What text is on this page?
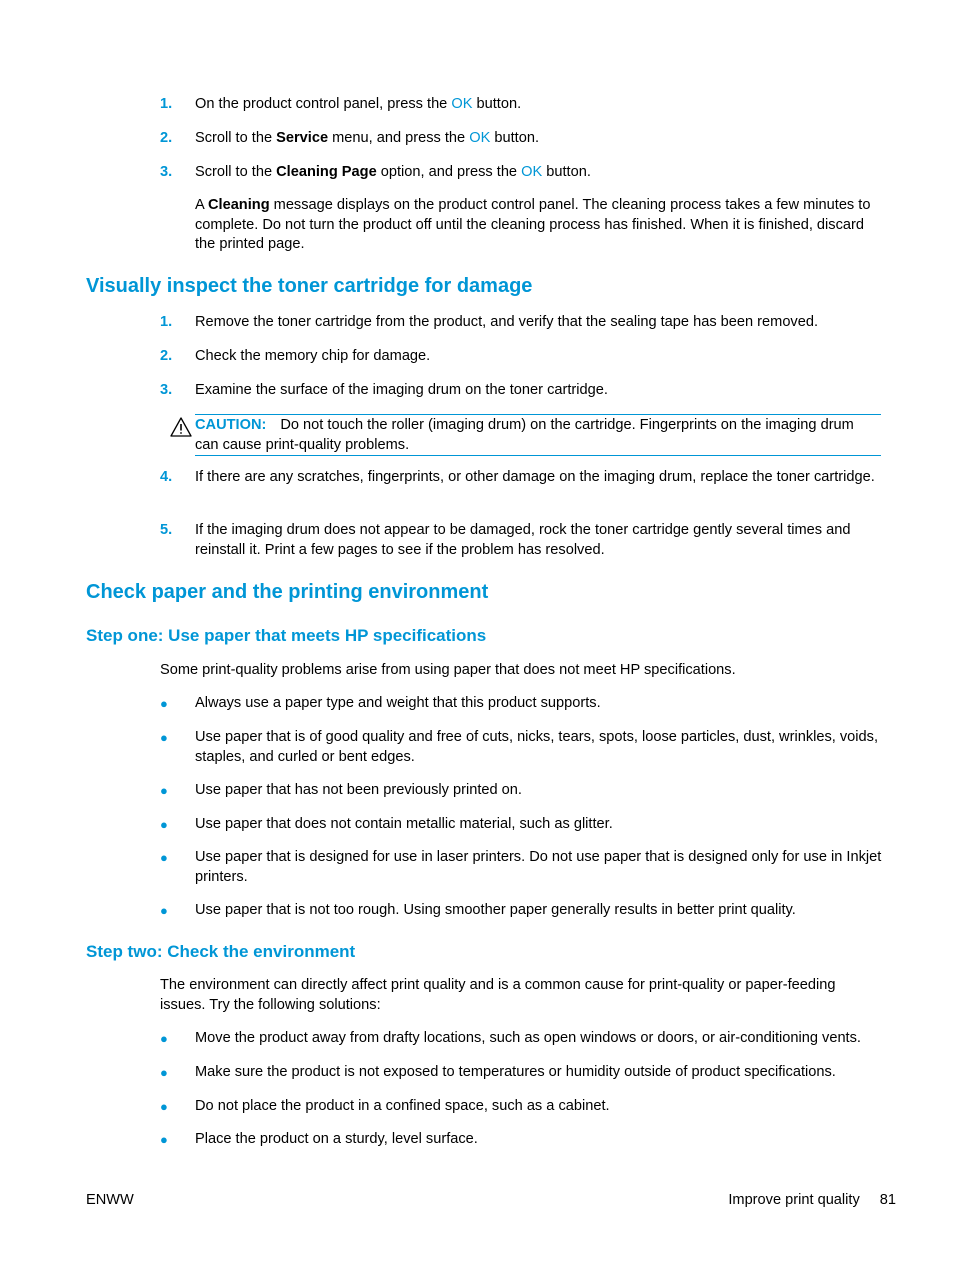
1. On the product control panel, press the OK button.
2. Scroll to the Service menu, and press the OK button.
3. Scroll to the Cleaning Page option, and press the OK button.
A Cleaning message displays on the product control panel. The cleaning process takes a few minutes to complete. Do not turn the product off until the cleaning process has finished. When it is finished, discard the printed page.
Visually inspect the toner cartridge for damage
1. Remove the toner cartridge from the product, and verify that the sealing tape has been removed.
2. Check the memory chip for damage.
3. Examine the surface of the imaging drum on the toner cartridge.
CAUTION: Do not touch the roller (imaging drum) on the cartridge. Fingerprints on the imaging drum can cause print-quality problems.
4. If there are any scratches, fingerprints, or other damage on the imaging drum, replace the toner cartridge.
5. If the imaging drum does not appear to be damaged, rock the toner cartridge gently several times and reinstall it. Print a few pages to see if the problem has resolved.
Check paper and the printing environment
Step one: Use paper that meets HP specifications
Some print-quality problems arise from using paper that does not meet HP specifications.
● Always use a paper type and weight that this product supports.
● Use paper that is of good quality and free of cuts, nicks, tears, spots, loose particles, dust, wrinkles, voids, staples, and curled or bent edges.
● Use paper that has not been previously printed on.
● Use paper that does not contain metallic material, such as glitter.
● Use paper that is designed for use in laser printers. Do not use paper that is designed only for use in Inkjet printers.
● Use paper that is not too rough. Using smoother paper generally results in better print quality.
Step two: Check the environment
The environment can directly affect print quality and is a common cause for print-quality or paper-feeding issues. Try the following solutions:
● Move the product away from drafty locations, such as open windows or doors, or air-conditioning vents.
● Make sure the product is not exposed to temperatures or humidity outside of product specifications.
● Do not place the product in a confined space, such as a cabinet.
● Place the product on a sturdy, level surface.
ENWW	Improve print quality 81
